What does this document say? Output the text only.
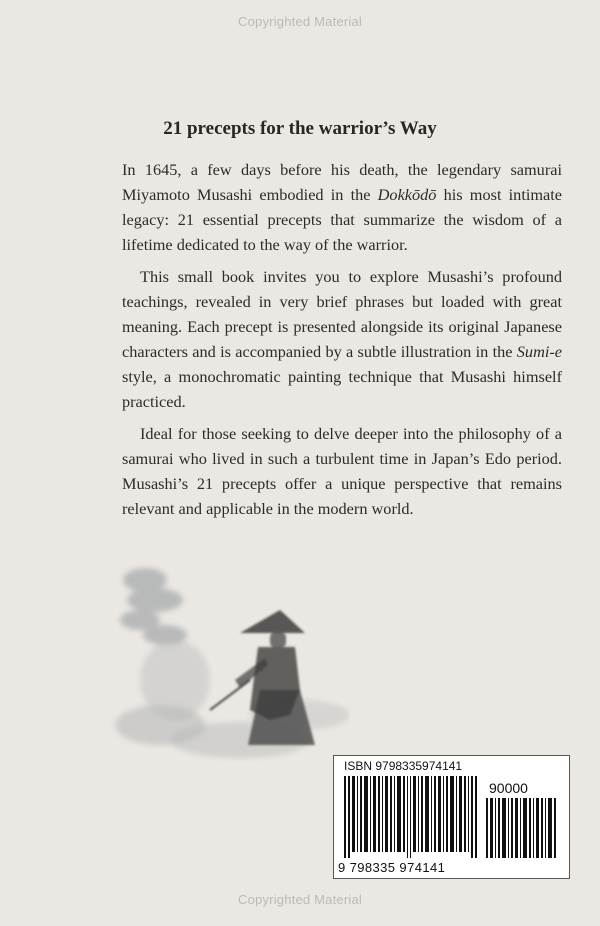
Copyrighted Material
21 precepts for the warrior’s Way

In 1645, a few days before his death, the legendary samurai Miyamoto Musashi embodied in the Dokkōdō his most intimate legacy: 21 essential precepts that summarize the wisdom of a lifetime dedicated to the way of the warrior.

This small book invites you to explore Musashi’s profound teachings, revealed in very brief phrases but loaded with great meaning. Each precept is presented alongside its original Japanese characters and is accompanied by a subtle illustration in the Sumi-e style, a monochromatic painting technique that Musashi himself practiced.

Ideal for those seeking to delve deeper into the philosophy of a samurai who lived in such a turbulent time in Japan’s Edo period. Musashi’s 21 precepts offer a unique perspective that remains relevant and applicable in the modern world.

ISBN 9798335974141
90000
9 798335 974141
Copyrighted Material
